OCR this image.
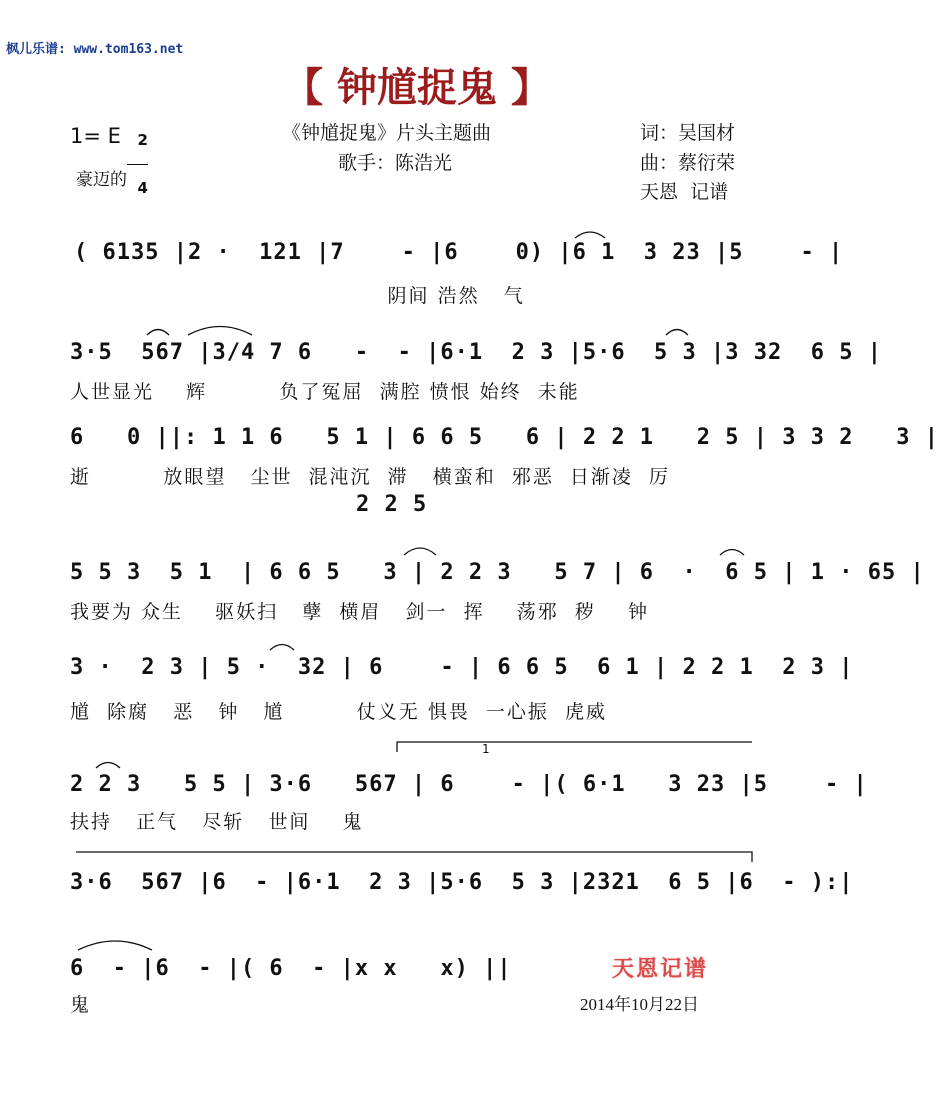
枫儿乐谱: www.tom163.net
【 钟馗捉鬼 】
1= E	2

4

豪迈的
《钟馗捉鬼》片头主题曲
歌手：陈浩光
词：吴国材
曲：蔡衍荣
天恩  记谱
( 6135 |2 ·  121 |7    - |6    0) |6 1  3 23 |5    - |
阴间 浩然   气
3·5  567 |3/4 7 6   -  - |6·1  2 3 |5·6  5 3 |3 32  6 5 |
人世显光    辉         负了冤屈  满腔 愤恨 始终  未能
6   0 ||: 1 1 6   5 1 | 6 6 5   6 | 2 2 1   2 5 | 3 3 2   3 |
逝         放眼望   尘世  混沌沉  滞   横蛮和  邪恶  日渐凌  厉
2 2 5
5 5 3  5 1  | 6 6 5   3 | 2 2 3   5 7 | 6  ·  6 5 | 1 · 65 |
我要为 众生    驱妖扫   孽  横眉   剑一  挥    荡邪  秽    钟
3 ·  2 3 | 5 ·  32 | 6    - | 6 6 5  6 1 | 2 2 1  2 3 |
馗  除腐   恶   钟   馗         仗义无 惧畏  一心振  虎威
2 2 3   5 5 | 3·6   567 | 6    - |( 6·1   3 23 |5    - |
扶持   正气   尽斩   世间    鬼
1
3·6  567 |6  - |6·1  2 3 |5·6  5 3 |2321  6 5 |6  - ):|
6  - |6  - |( 6  - |x x   x) ||
鬼
天恩记谱
2014年10月22日
